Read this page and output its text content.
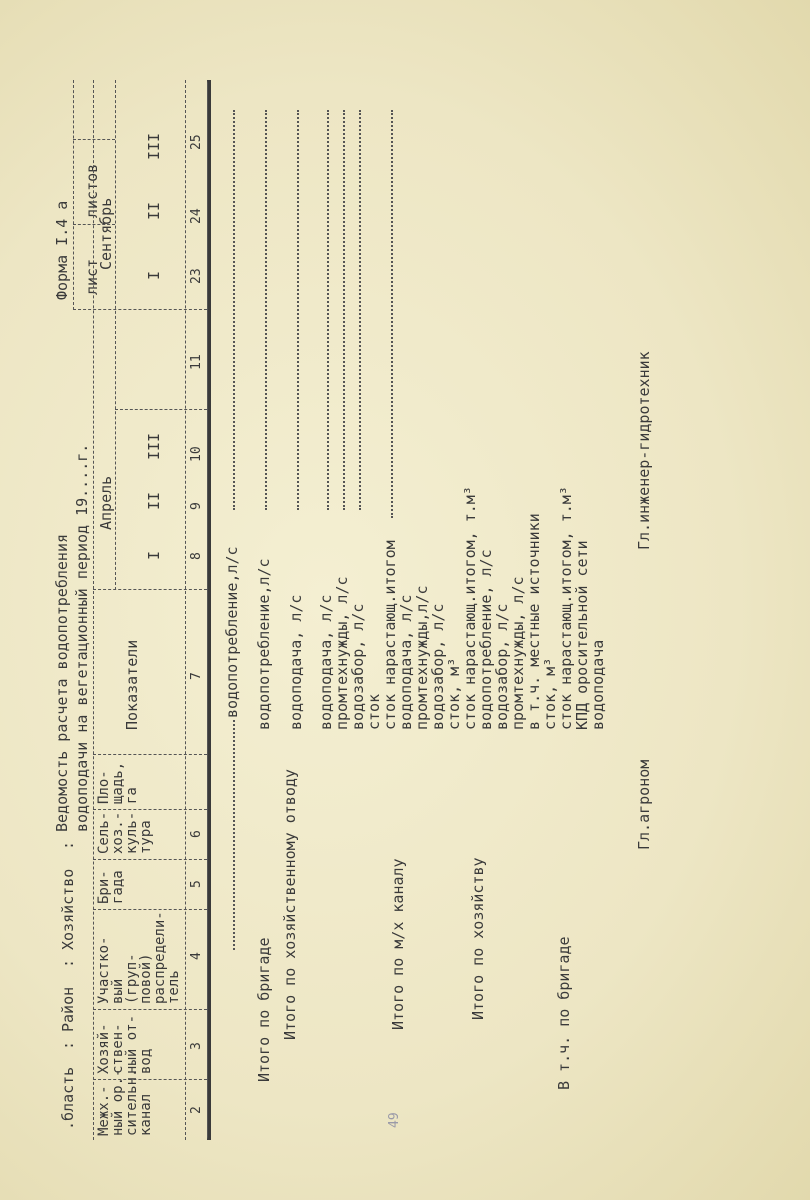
.бласть
:
Район
:
Хозяйство
:
Ведомость расчета водопотребления водоподачи на вегетационный период 19....г.
Форма I.4 а лист
листов
Межх.-
ный ор.-
сительн.
канал
Хозяй-
ствен-
ный от-
вод
Участко-
вый
(груп-
повой)
распредели-
тель
Бри-
гада
Сель-
хоз.-
куль-
тура
Пло-
щадь,
га
Показатели
Апрель
Сентябрь
I
II
III
I
II
III
2
3
4
5
6
7
8
9
10
11
23
24
25
водопотребление,л/с
Итого по бригаде
водопотребление,л/с
Итого по хозяйственному отводу
водоподача, л/с водоподача, л/с
промтехнужды, л/с
водозабор, л/с
сток
Итого по м/х каналу
сток нарастающ.итогом
водоподача, л/с
промтехнужды,л/с
водозабор, л/с
сток, м³
Итого по хозяйству
сток нарастающ.итогом, т.м³
водопотребление, л/с
водозабор, л/с
промтехнужды, л/с
в т.ч. местные источники
В т.ч. по бригаде
сток, м³
сток нарастающ.итогом, т.м³
КПД оросительной сети
водоподача
Гл.агроном
Гл.инженер-гидротехник
49
